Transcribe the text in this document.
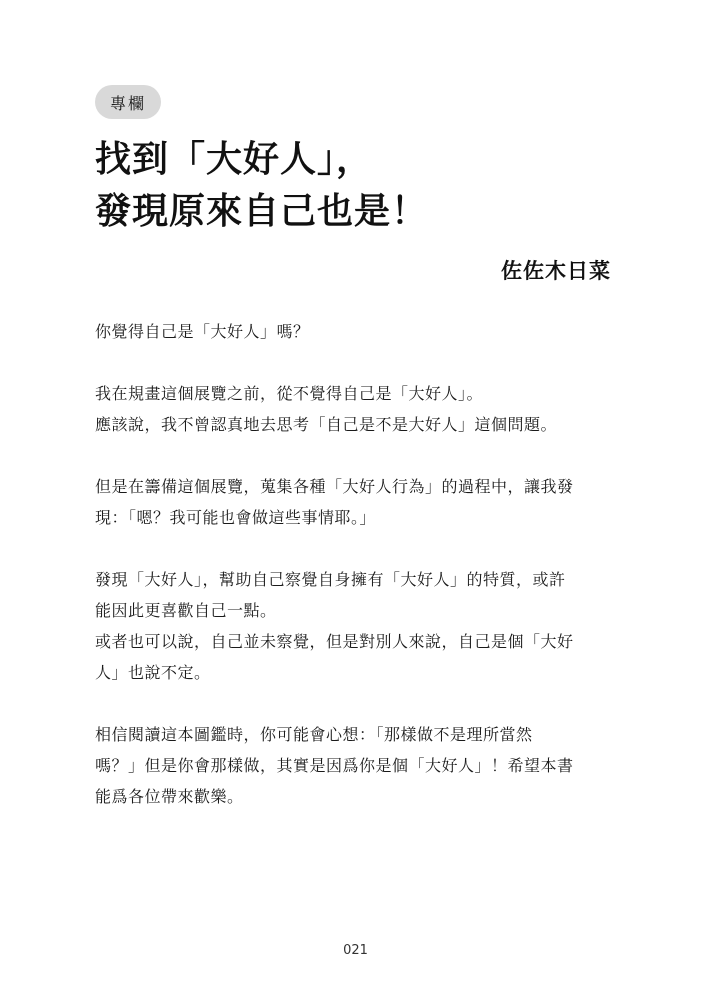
專欄
找到「大好人」，
發現原來自己也是！
佐佐木日菜

你覺得自己是「大好人」嗎？

我在規畫這個展覽之前，從不覺得自己是「大好人」。
應該說，我不曾認真地去思考「自己是不是大好人」這個問題。

但是在籌備這個展覽，蒐集各種「大好人行為」的過程中，讓我發
現：「嗯？我可能也會做這些事情耶。」

發現「大好人」，幫助自己察覺自身擁有「大好人」的特質，或許
能因此更喜歡自己一點。
或者也可以說，自己並未察覺，但是對別人來說，自己是個「大好
人」也說不定。

相信閱讀這本圖鑑時，你可能會心想：「那樣做不是理所當然
嗎？」但是你會那樣做，其實是因爲你是個「大好人」！希望本書
能爲各位帶來歡樂。

021
